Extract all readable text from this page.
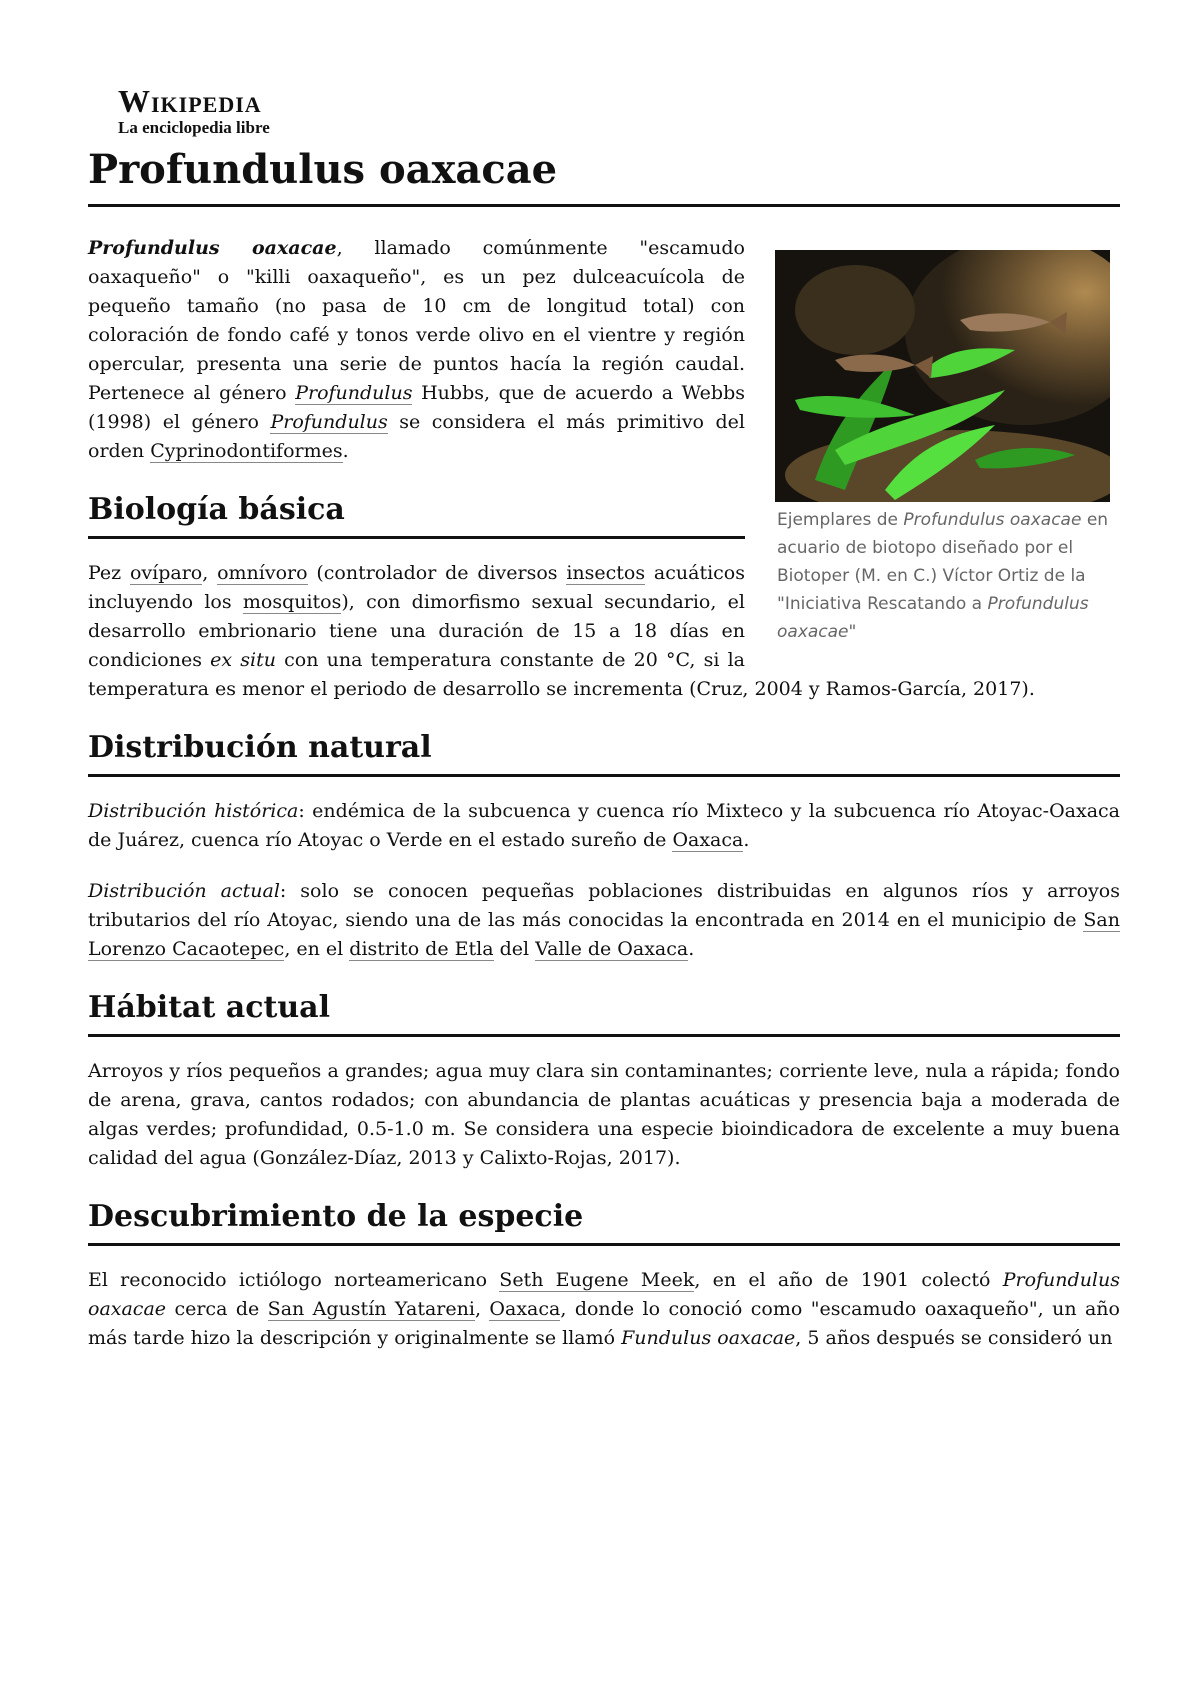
Wikipedia
La enciclopedia libre
Profundulus oaxacae
Ejemplares de Profundulus oaxacae en acuario de biotopo diseñado por el Biotoper (M. en C.) Víctor Ortiz de la "Iniciativa Rescatando a Profundulus oaxacae"

Profundulus oaxacae, llamado comúnmente "escamudo oaxaqueño" o "killi oaxaqueño", es un pez dulceacuícola de pequeño tamaño (no pasa de 10 cm de longitud total) con coloración de fondo café y tonos verde olivo en el vientre y región opercular, presenta una serie de puntos hacía la región caudal. Pertenece al género Profundulus Hubbs, que de acuerdo a Webbs (1998) el género Profundulus se considera el más primitivo del orden Cyprinodontiformes.

Biología básica

Pez ovíparo, omnívoro (controlador de diversos insectos acuáticos incluyendo los mosquitos), con dimorfismo sexual secundario, el desarrollo embrionario tiene una duración de 15 a 18 días en condiciones ex situ con una temperatura constante de 20 °C, si la temperatura es menor el periodo de desarrollo se incrementa (Cruz, 2004 y Ramos-García, 2017).

Distribución natural

Distribución histórica: endémica de la subcuenca y cuenca río Mixteco y la subcuenca río Atoyac-Oaxaca de Juárez, cuenca río Atoyac o Verde en el estado sureño de Oaxaca.

Distribución actual: solo se conocen pequeñas poblaciones distribuidas en algunos ríos y arroyos tributarios del río Atoyac, siendo una de las más conocidas la encontrada en 2014 en el municipio de San Lorenzo Cacaotepec, en el distrito de Etla del Valle de Oaxaca.

Hábitat actual

Arroyos y ríos pequeños a grandes; agua muy clara sin contaminantes; corriente leve, nula a rápida; fondo de arena, grava, cantos rodados; con abundancia de plantas acuáticas y presencia baja a moderada de algas verdes; profundidad, 0.5-1.0 m. Se considera una especie bioindicadora de excelente a muy buena calidad del agua (González-Díaz, 2013 y Calixto-Rojas, 2017).

Descubrimiento de la especie

El reconocido ictiólogo norteamericano Seth Eugene Meek, en el año de 1901 colectó Profundulus oaxacae cerca de San Agustín Yatareni, Oaxaca, donde lo conoció como "escamudo oaxaqueño", un año más tarde hizo la descripción y originalmente se llamó Fundulus oaxacae, 5 años después se consideró un
